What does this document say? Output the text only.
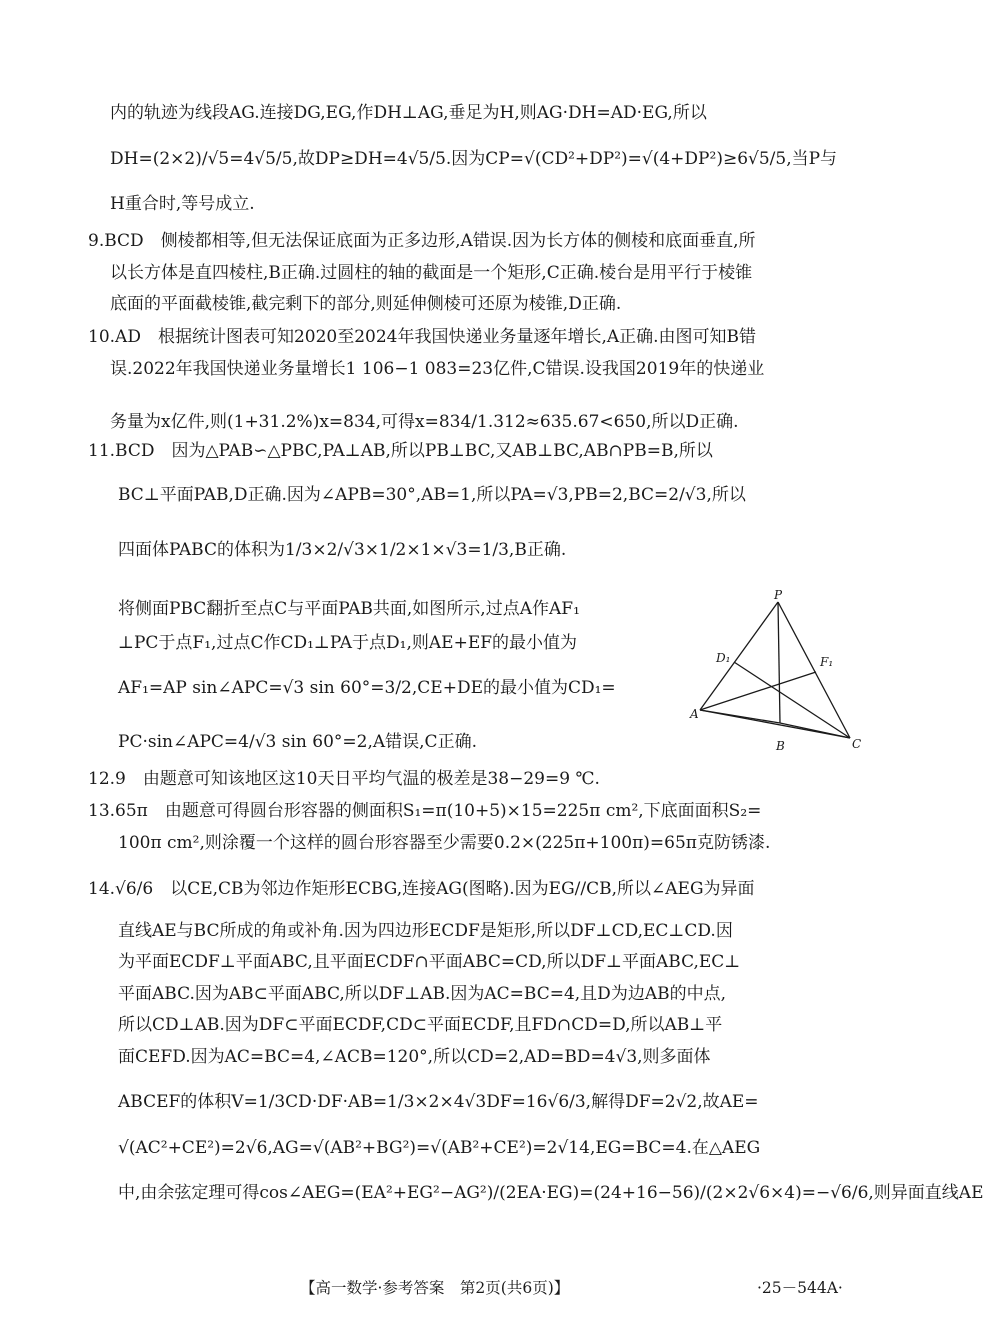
内的轨迹为线段AG.连接DG,EG,作DH⊥AG,垂足为H,则AG·DH=AD·EG,所以
DH=(2×2)/√5=4√5/5,故DP≥DH=4√5/5.因为CP=√(CD²+DP²)=√(4+DP²)≥6√5/5,当P与
H重合时,等号成立.
9.BCD　侧棱都相等,但无法保证底面为正多边形,A错误.因为长方体的侧棱和底面垂直,所
以长方体是直四棱柱,B正确.过圆柱的轴的截面是一个矩形,C正确.棱台是用平行于棱锥
底面的平面截棱锥,截完剩下的部分,则延伸侧棱可还原为棱锥,D正确.
10.AD　根据统计图表可知2020至2024年我国快递业务量逐年增长,A正确.由图可知B错
误.2022年我国快递业务量增长1 106−1 083=23亿件,C错误.设我国2019年的快递业
务量为x亿件,则(1+31.2%)x=834,可得x=834/1.312≈635.67<650,所以D正确.
11.BCD　因为△PAB∽△PBC,PA⊥AB,所以PB⊥BC,又AB⊥BC,AB∩PB=B,所以
BC⊥平面PAB,D正确.因为∠APB=30°,AB=1,所以PA=√3,PB=2,BC=2/√3,所以
四面体PABC的体积为1/3×2/√3×1/2×1×√3=1/3,B正确.
将侧面PBC翻折至点C与平面PAB共面,如图所示,过点A作AF₁
⊥PC于点F₁,过点C作CD₁⊥PA于点D₁,则AE+EF的最小值为
AF₁=AP sin∠APC=√3 sin 60°=3/2,CE+DE的最小值为CD₁=
PC·sin∠APC=4/√3 sin 60°=2,A错误,C正确.
P
F₁
D₁
A
B	C
12.9　由题意可知该地区这10天日平均气温的极差是38−29=9 ℃.
13.65π　由题意可得圆台形容器的侧面积S₁=π(10+5)×15=225π cm²,下底面面积S₂=
100π cm²,则涂覆一个这样的圆台形容器至少需要0.2×(225π+100π)=65π克防锈漆.
14.√6/6　以CE,CB为邻边作矩形ECBG,连接AG(图略).因为EG//CB,所以∠AEG为异面
直线AE与BC所成的角或补角.因为四边形ECDF是矩形,所以DF⊥CD,EC⊥CD.因
为平面ECDF⊥平面ABC,且平面ECDF∩平面ABC=CD,所以DF⊥平面ABC,EC⊥
平面ABC.因为AB⊂平面ABC,所以DF⊥AB.因为AC=BC=4,且D为边AB的中点,
所以CD⊥AB.因为DF⊂平面ECDF,CD⊂平面ECDF,且FD∩CD=D,所以AB⊥平
面CEFD.因为AC=BC=4,∠ACB=120°,所以CD=2,AD=BD=4√3,则多面体
ABCEF的体积V=1/3CD·DF·AB=1/3×2×4√3DF=16√6/3,解得DF=2√2,故AE=
√(AC²+CE²)=2√6,AG=√(AB²+BG²)=√(AB²+CE²)=2√14,EG=BC=4.在△AEG
中,由余弦定理可得cos∠AEG=(EA²+EG²−AG²)/(2EA·EG)=(24+16−56)/(2×2√6×4)=−√6/6,则异面直线AE
【高一数学·参考答案　第2页(共6页)】	·25－544A·
